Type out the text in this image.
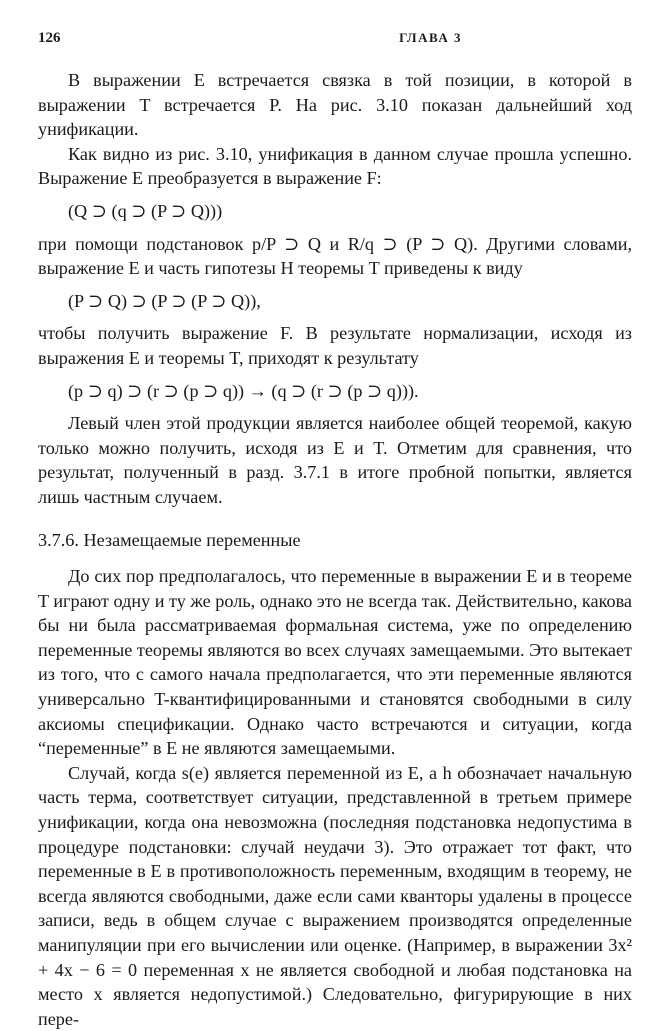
126	ГЛАВА 3

В выражении E встречается связка в той позиции, в которой в выражении T встречается P. На рис. 3.10 показан дальнейший ход унификации.

Как видно из рис. 3.10, унификация в данном случае прошла успешно. Выражение E преобразуется в выражение F:

(Q ⊃ (q ⊃ (P ⊃ Q)))

при помощи подстановок p/P ⊃ Q и R/q ⊃ (P ⊃ Q). Другими словами, выражение E и часть гипотезы H теоремы T приведены к виду

(P ⊃ Q) ⊃ (P ⊃ (P ⊃ Q)),

чтобы получить выражение F. В результате нормализации, исходя из выражения E и теоремы T, приходят к результату

(p ⊃ q) ⊃ (r ⊃ (p ⊃ q)) → (q ⊃ (r ⊃ (p ⊃ q))).

Левый член этой продукции является наиболее общей теоремой, какую только можно получить, исходя из E и T. Отметим для сравнения, что результат, полученный в разд. 3.7.1 в итоге пробной попытки, является лишь частным случаем.

3.7.6. Незамещаемые переменные

До сих пор предполагалось, что переменные в выражении E и в теореме T играют одну и ту же роль, однако это не всегда так. Действительно, какова бы ни была рассматриваемая формальная система, уже по определению переменные теоремы являются во всех случаях замещаемыми. Это вытекает из того, что с самого начала предполагается, что эти переменные являются универсально T-квантифицированными и становятся свободными в силу аксиомы спецификации. Однако часто встречаются и ситуации, когда “переменные” в E не являются замещаемыми.

Случай, когда s(e) является переменной из E, а h обозначает начальную часть терма, соответствует ситуации, представленной в третьем примере унификации, когда она невозможна (последняя подстановка недопустима в процедуре подстановки: случай неудачи 3). Это отражает тот факт, что переменные в E в противоположность переменным, входящим в теорему, не всегда являются свободными, даже если сами кванторы удалены в процессе записи, ведь в общем случае с выражением производятся определенные манипуляции при его вычислении или оценке. (Например, в выражении 3x² + 4x − 6 = 0 переменная x не является свободной и любая подстановка на место x является недопустимой.) Следовательно, фигурирующие в них пере-
